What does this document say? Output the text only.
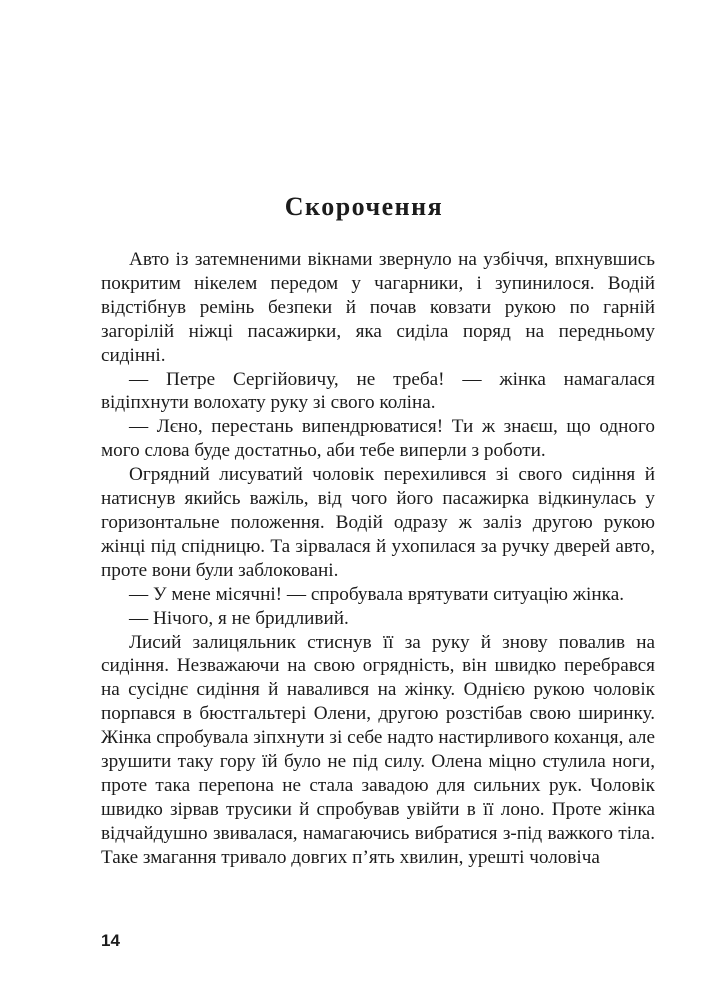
Скорочення

Авто із затемненими вікнами звернуло на узбіччя, впхнувшись покритим нікелем передом у чагарники, і зупинилося. Водій відстібнув ремінь безпеки й почав ковзати рукою по гарній загорілій ніжці пасажирки, яка сиділа поряд на передньому сидінні.

— Петре Сергійовичу, не треба! — жінка намагалася відіпхнути волохату руку зі свого коліна.

— Лєно, перестань випендрюватися! Ти ж знаєш, що одного мого слова буде достатньо, аби тебе виперли з роботи.

Огрядний лисуватий чоловік перехилився зі свого сидіння й натиснув якийсь важіль, від чого його пасажирка відкинулась у горизонтальне положення. Водій одразу ж заліз другою рукою жінці під спідницю. Та зірвалася й ухопилася за ручку дверей авто, проте вони були заблоковані.

— У мене місячні! — спробувала врятувати ситуацію жінка.

— Нічого, я не бридливий.

Лисий залицяльник стиснув її за руку й знову повалив на сидіння. Незважаючи на свою огрядність, він швидко перебрався на сусіднє сидіння й навалився на жінку. Однією рукою чоловік порпався в бюстгальтері Олени, другою розстібав свою ширинку. Жінка спробувала зіпхнути зі себе надто настирливого коханця, але зрушити таку гору їй було не під силу. Олена міцно стулила ноги, проте така перепона не стала завадою для сильних рук. Чоловік швидко зірвав трусики й спробував увійти в її лоно. Проте жінка відчайдушно звивалася, намагаючись вибратися з-під важкого тіла. Таке змагання тривало довгих п’ять хвилин, урешті чоловіча

14
